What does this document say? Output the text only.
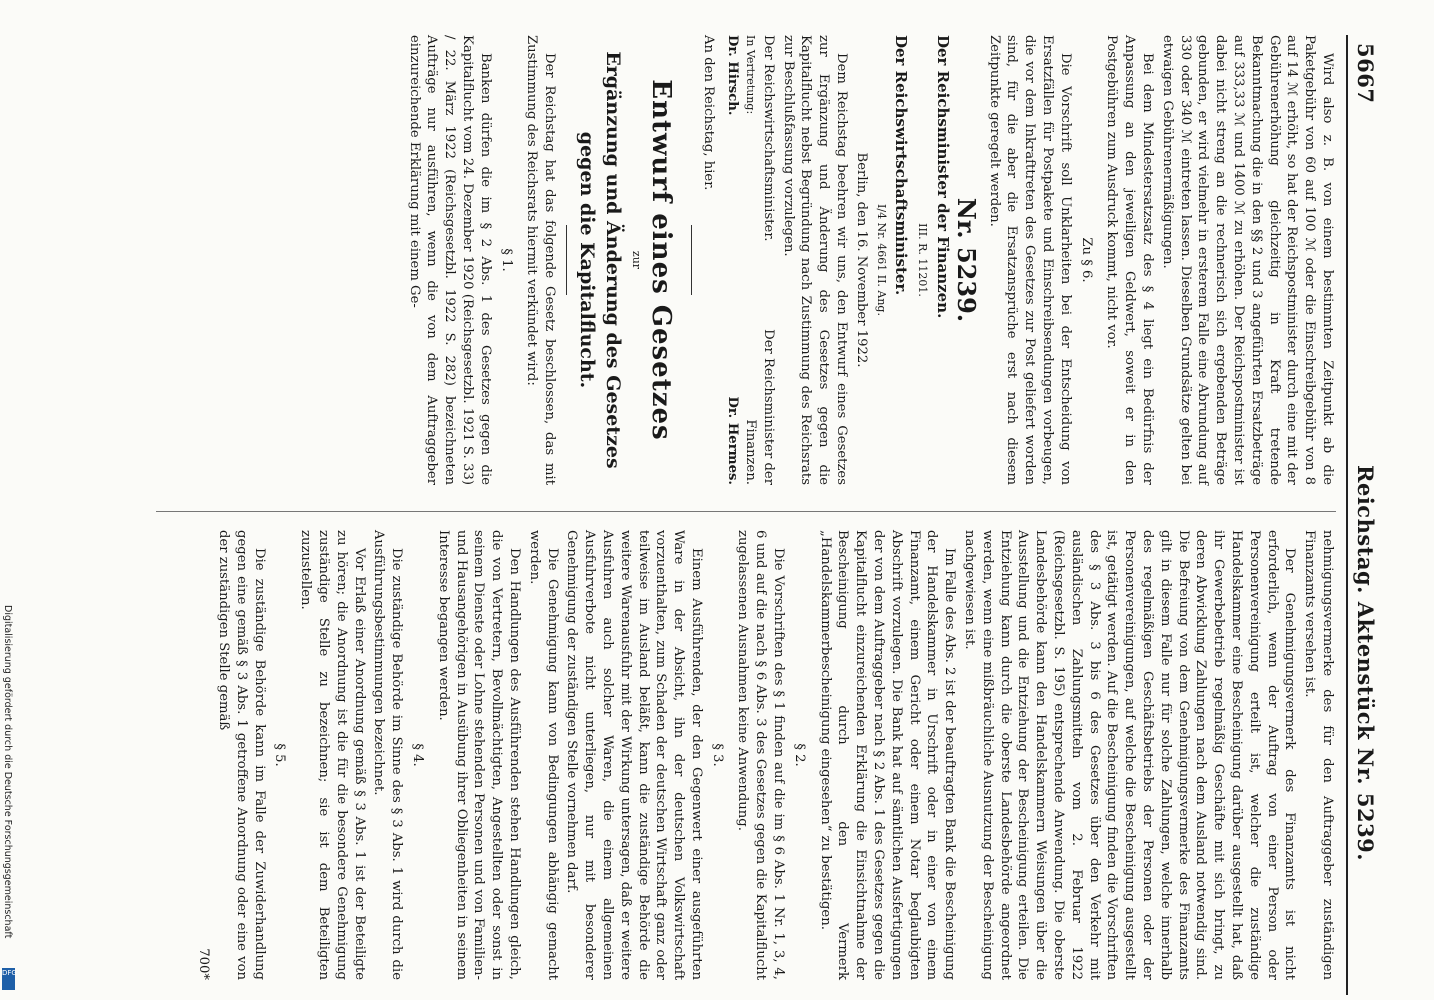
5667
Reichstag. Aktenstück Nr. 5239.

Wird also z. B. von einem bestimmten Zeitpunkt ab die Paketgebühr von 60 auf 100 ℳ oder die Einschreibgebühr von 8 auf 14 ℳ erhöht, so hat der Reichspostminister durch eine mit der Gebührenerhöhung gleichzeitig in Kraft tretende Bekanntmachung die in den §§ 2 und 3 angeführten Ersatzbeträge auf 333,33 ℳ und 1400 ℳ zu erhöhen. Der Reichspostminister ist dabei nicht streng an die rechnerisch sich ergebenden Beträge gebunden, er wird vielmehr in ersterem Falle eine Abrundung auf 330 oder 340 ℳ eintreten lassen. Dieselben Grundsätze gelten bei etwaigen Gebührenermäßigungen.

Bei dem Mindestersatzsatz des § 4 liegt ein Bedürfnis der Anpassung an den jeweiligen Geldwert, soweit er in den Postgebühren zum Ausdruck kommt, nicht vor.

Zu § 6.

Die Vorschrift soll Unklarheiten bei der Entscheidung von Ersatzfällen für Postpakete und Einschreibsendungen vorbeugen, die vor dem Inkrafttreten des Gesetzes zur Post geliefert worden sind, für die aber die Ersatzansprüche erst nach diesem Zeitpunkte geregelt werden.

Nr. 5239.

Der Reichsminister der Finanzen.

III. R. 11201.

Der Reichswirtschaftsminister.

I/4 Nr. 4661 II. Ang.

Berlin, den 16. November 1922.

Dem Reichstag beehren wir uns, den Entwurf eines Gesetzes zur Ergänzung und Änderung des Gesetzes gegen die Kapitalflucht nebst Begründung nach Zustimmung des Reichsrats zur Beschlußfassung vorzulegen.

Der Reichswirtschaftsminister.
In Vertretung:
Dr. Hirsch.
Der Reichsminister der Finanzen.
Dr. Hermes.

An den Reichstag, hier.

Entwurf eines Gesetzes

zur

Ergänzung und Änderung des Gesetzes

gegen die Kapitalflucht.

Der Reichstag hat das folgende Gesetz beschlossen, das mit Zustimmung des Reichsrats hiermit verkündet wird:

§ 1.

Banken dürfen die im § 2 Abs. 1 des Gesetzes gegen die Kapitalflucht vom 24. Dezember 1920 (Reichsgesetzbl. 1921 S. 33) / 22. März 1922 (Reichsgesetzbl. 1922 S. 282) bezeichneten Aufträge nur ausführen, wenn die von dem Auftraggeber einzureichende Erklärung mit einem Ge-

nehmigungsvermerke des für den Auftraggeber zuständigen Finanzamts versehen ist.

Der Genehmigungsvermerk des Finanzamts ist nicht erforderlich, wenn der Auftrag von einer Person oder Personenvereinigung erteilt ist, welcher die zuständige Handelskammer eine Bescheinigung darüber ausgestellt hat, daß ihr Gewerbebetrieb regelmäßig Geschäfte mit sich bringt, zu deren Abwicklung Zahlungen nach dem Ausland notwendig sind. Die Befreiung von dem Genehmigungsvermerke des Finanzamts gilt in diesem Falle nur für solche Zahlungen, welche innerhalb des regelmäßigen Geschäftsbetriebs der Personen oder der Personenvereinigungen, auf welche die Bescheinigung ausgestellt ist, getätigt werden. Auf die Bescheinigung finden die Vorschriften des § 3 Abs. 3 bis 6 des Gesetzes über den Verkehr mit ausländischen Zahlungsmitteln vom 2. Februar 1922 (Reichsgesetzbl. S. 195) entsprechende Anwendung. Die oberste Landesbehörde kann den Handelskammern Weisungen über die Ausstellung und die Entziehung der Bescheinigung erteilen. Die Entziehung kann durch die oberste Landesbehörde angeordnet werden, wenn eine mißbräuchliche Ausnutzung der Bescheinigung nachgewiesen ist.

Im Falle des Abs. 2 ist der beauftragten Bank die Bescheinigung der Handelskammer in Urschrift oder in einer von einem Finanzamt, einem Gericht oder einem Notar beglaubigten Abschrift vorzulegen. Die Bank hat auf sämtlichen Ausfertigungen der von dem Auftraggeber nach § 2 Abs. 1 des Gesetzes gegen die Kapitalflucht einzureichenden Erklärung die Einsichtnahme der Bescheinigung durch den Vermerk „Handelskammerbescheinigung eingesehen“ zu bestätigen.

§ 2.

Die Vorschriften des § 1 finden auf die im § 6 Abs. 1 Nr. 1, 3, 4, 6 und auf die nach § 6 Abs. 3 des Gesetzes gegen die Kapitalflucht zugelassenen Ausnahmen keine Anwendung.

§ 3.

Einem Ausführenden, der den Gegenwert einer ausgeführten Ware in der Absicht, ihn der deutschen Volkswirtschaft vorzuenthalten, zum Schaden der deutschen Wirtschaft ganz oder teilweise im Ausland beläßt, kann die zuständige Behörde die weitere Warenausfuhr mit der Wirkung untersagen, daß er weitere Ausfuhren auch solcher Waren, die einem allgemeinen Ausfuhrverbote nicht unterliegen, nur mit besonderer Genehmigung der zuständigen Stelle vornehmen darf.

Die Genehmigung kann von Bedingungen abhängig gemacht werden.

Den Handlungen des Ausführenden stehen Handlungen gleich, die von Vertretern, Bevollmächtigten, Angestellten oder sonst in seinem Dienste oder Lohne stehenden Personen und von Familien- und Hausangehörigen in Ausübung ihrer Obliegenheiten in seinem Interesse begangen werden.

§ 4.

Die zuständige Behörde im Sinne des § 3 Abs. 1 wird durch die Ausführungsbestimmungen bezeichnet.

Vor Erlaß einer Anordnung gemäß § 3 Abs. 1 ist der Beteiligte zu hören; die Anordnung ist die für die besondere Genehmigung zuständige Stelle zu bezeichnen; sie ist dem Beteiligten zuzustellen.

§ 5.

Die zuständige Behörde kann im Falle der Zuwiderhandlung gegen eine gemäß § 3 Abs. 1 getroffene Anordnung oder eine von der zuständigen Stelle gemäß

700*

Digitalisierung gefördert durch die Deutsche Forschungsgemeinschaft
DFG
